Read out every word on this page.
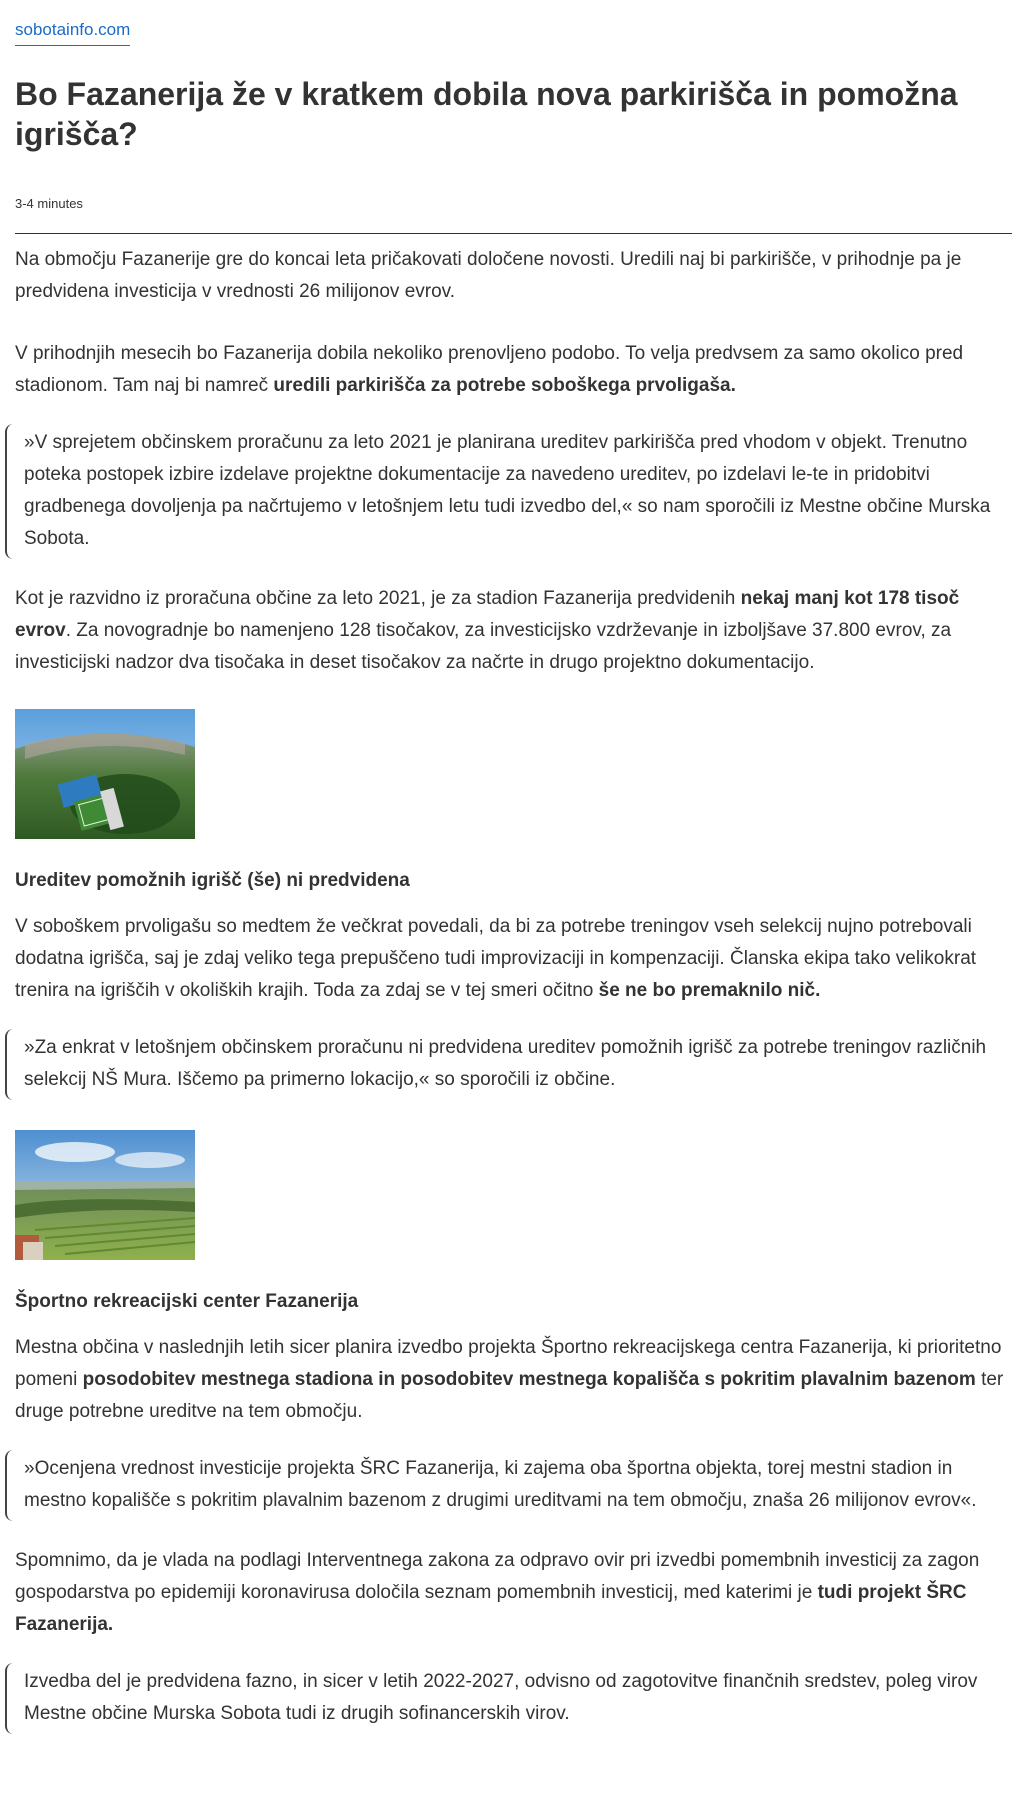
sobotainfo.com
Bo Fazanerija že v kratkem dobila nova parkirišča in pomožna igrišča?
3-4 minutes

Na območju Fazanerije gre do koncai leta pričakovati določene novosti. Uredili naj bi parkirišče, v prihodnje pa je predvidena investicija v vrednosti 26 milijonov evrov.

V prihodnjih mesecih bo Fazanerija dobila nekoliko prenovljeno podobo. To velja predvsem za samo okolico pred stadionom. Tam naj bi namreč uredili parkirišča za potrebe soboškega prvoligaša.

»V sprejetem občinskem proračunu za leto 2021 je planirana ureditev parkirišča pred vhodom v objekt. Trenutno poteka postopek izbire izdelave projektne dokumentacije za navedeno ureditev, po izdelavi le-te in pridobitvi gradbenega dovoljenja pa načrtujemo v letošnjem letu tudi izvedbo del,« so nam sporočili iz Mestne občine Murska Sobota.

Kot je razvidno iz proračuna občine za leto 2021, je za stadion Fazanerija predvidenih nekaj manj kot 178 tisoč evrov. Za novogradnje bo namenjeno 128 tisočakov, za investicijsko vzdrževanje in izboljšave 37.800 evrov, za investicijski nadzor dva tisočaka in deset tisočakov za načrte in drugo projektno dokumentacijo.

Ureditev pomožnih igrišč (še) ni predvidena

V soboškem prvoligašu so medtem že večkrat povedali, da bi za potrebe treningov vseh selekcij nujno potrebovali dodatna igrišča, saj je zdaj veliko tega prepuščeno tudi improvizaciji in kompenzaciji. Članska ekipa tako velikokrat trenira na igriščih v okoliških krajih. Toda za zdaj se v tej smeri očitno še ne bo premaknilo nič.

»Za enkrat v letošnjem občinskem proračunu ni predvidena ureditev pomožnih igrišč za potrebe treningov različnih selekcij NŠ Mura. Iščemo pa primerno lokacijo,« so sporočili iz občine.
Športno rekreacijski center Fazanerija

Mestna občina v naslednjih letih sicer planira izvedbo projekta Športno rekreacijskega centra Fazanerija, ki prioritetno pomeni posodobitev mestnega stadiona in posodobitev mestnega kopališča s pokritim plavalnim bazenom ter druge potrebne ureditve na tem območju.

»Ocenjena vrednost investicije projekta ŠRC Fazanerija, ki zajema oba športna objekta, torej mestni stadion in mestno kopališče s pokritim plavalnim bazenom z drugimi ureditvami na tem območju, znaša 26 milijonov evrov«.

Spomnimo, da je vlada na podlagi Interventnega zakona za odpravo ovir pri izvedbi pomembnih investicij za zagon gospodarstva po epidemiji koronavirusa določila seznam pomembnih investicij, med katerimi je tudi projekt ŠRC Fazanerija.

Izvedba del je predvidena fazno, in sicer v letih 2022-2027, odvisno od zagotovitve finančnih sredstev, poleg virov Mestne občine Murska Sobota tudi iz drugih sofinancerskih virov.
